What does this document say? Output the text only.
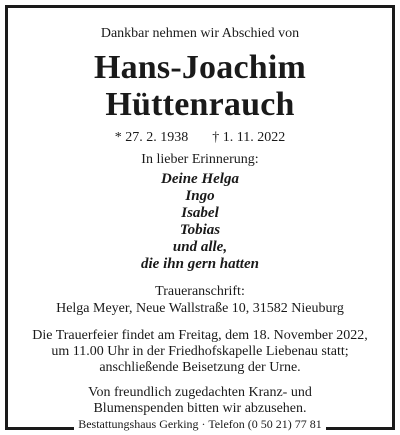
Dankbar nehmen wir Abschied von
Hans-Joachim
Hüttenrauch
* 27. 2. 1938 † 1. 11. 2022
In lieber Erinnerung:
Deine Helga
Ingo
Isabel
Tobias
und alle,
die ihn gern hatten
Traueranschrift:
Helga Meyer, Neue Wallstraße 10, 31582 Nieuburg
Die Trauerfeier findet am Freitag, dem 18. November 2022,
um 11.00 Uhr in der Friedhofskapelle Liebenau statt;
anschließende Beisetzung der Urne.
Von freundlich zugedachten Kranz- und
Blumenspenden bitten wir abzusehen.
Bestattungshaus Gerking · Telefon (0 50 21) 77 81
